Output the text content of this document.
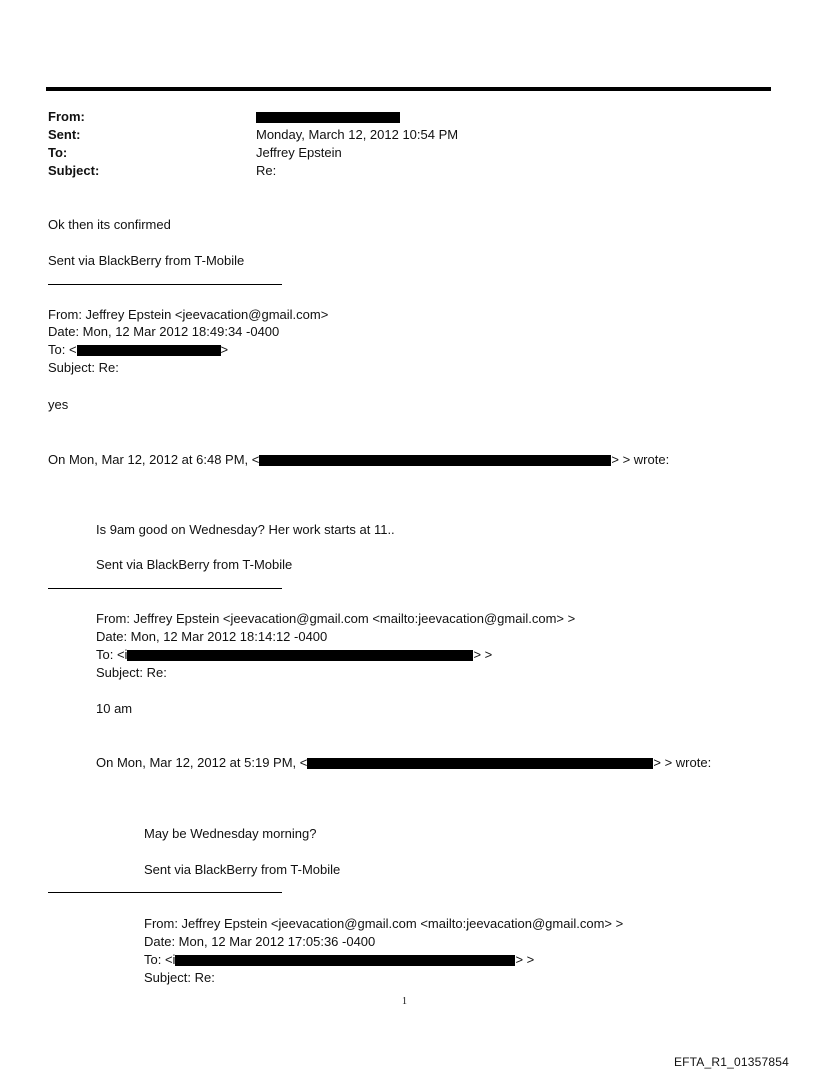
From:
Sent:	Monday, March 12, 2012 10:54 PM
To:	Jeffrey Epstein
Subject:	Re:
Ok then its confirmed
Sent via BlackBerry from T-Mobile
From: Jeffrey Epstein <jeevacation@gmail.com>
Date: Mon, 12 Mar 2012 18:49:34 -0400
To: <	>
Subject: Re:
yes
On Mon, Mar 12, 2012 at 6:48 PM, <	> > wrote:
Is 9am good on Wednesday? Her work starts at 11..
Sent via BlackBerry from T-Mobile
From: Jeffrey Epstein <jeevacation@gmail.com <mailto:jeevacation@gmail.com> >
Date: Mon, 12 Mar 2012 18:14:12 -0400
To: <i	> >
Subject: Re:
10 am
On Mon, Mar 12, 2012 at 5:19 PM, <	> > wrote:
May be Wednesday morning?
Sent via BlackBerry from T-Mobile
From: Jeffrey Epstein <jeevacation@gmail.com <mailto:jeevacation@gmail.com> >
Date: Mon, 12 Mar 2012 17:05:36 -0400
To: <i	> >
Subject: Re:
1
EFTA_R1_01357854
